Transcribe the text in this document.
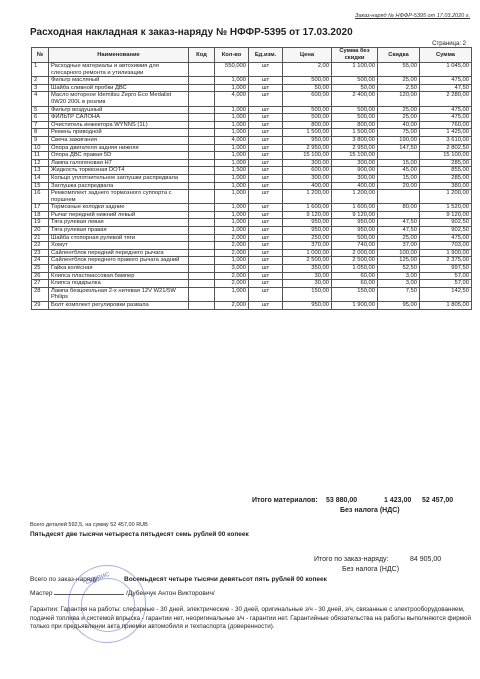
Заказ-наряд № НФФР-5395 от 17.03.2020 г.
Расходная накладная к заказ-наряду № НФФР-5395 от 17.03.2020
Страница: 2
№	Наименование	Код	Кол-во	Ед.изм.	Цена	Сумма без скидки	Скидка	Сумма
1	Расходные материалы и автохимия для слесарного ремонта и утилизации		550,000	шт	2,00	1 100,00	55,00	1 045,00
2	Фильтр масляный		1,000	шт	500,00	500,00	25,00	475,00
3	Шайба сливной пробки ДВС		1,000	шт	50,00	50,00	2,50	47,50
4	Масло моторное Idemitsu Zepro Eco Medalist 0W20 200L в розлив		4,000	шт	600,00	2 400,00	120,00	2 280,00
5	Фильтр воздушный		1,000	шт	500,00	500,00	25,00	475,00
6	ФИЛЬТР САЛОНА		1,000	шт	500,00	500,00	25,00	475,00
7	Очиститель инжектора WYNNS (1L)		1,000	шт	800,00	800,00	40,00	760,00
8	Ремень приводной		1,000	шт	1 500,00	1 500,00	75,00	1 425,00
9	Свеча зажигания		4,000	шт	950,00	3 800,00	190,00	3 610,00
10	Опора двигателя задняя нижняя		1,000	шт	2 950,00	2 950,00	147,50	2 802,50
11	Опора ДВС правая 5D		1,000	шт	15 100,00	15 100,00		15 100,00
12	Лампа галогеновая H7		1,000	шт	300,00	300,00	15,00	285,00
13	Жидкость тормозная DOT4		1,500	шт	600,00	900,00	45,00	855,00
14	Кольцо уплотнительное заглушки распредвала		1,000	шт	300,00	300,00	15,00	285,00
15	Заглушка распредвала		1,000	шт	400,00	400,00	20,00	380,00
16	Ремкомплект заднего тормозного суппорта с поршнем		1,000	шт	1 200,00	1 200,00		1 200,00
17	Тормозные колодки задние		1,000	шт	1 600,00	1 600,00	80,00	1 520,00
18	Рычаг передний нижний левый		1,000	шт	9 120,00	9 120,00		9 120,00
19	Тяга рулевая левая		1,000	шт	950,00	950,00	47,50	902,50
20	Тяга рулевая правая		1,000	шт	950,00	950,00	47,50	902,50
21	Шайба стопорная рулевой тяги		2,000	шт	250,00	500,00	25,00	475,00
22	Хомут		2,000	шт	370,00	740,00	37,00	703,00
23	Сайлентблок передний переднего рычага		2,000	шт	1 000,00	2 000,00	100,00	1 900,00
24	Сайлентблок переднего правого рычага задний		1,000	шт	2 500,00	2 500,00	125,00	2 375,00
25	Гайка колёсная		3,000	шт	350,00	1 050,00	52,50	997,50
26	Клипса пластмассовая бампер		2,000	шт	30,00	60,00	3,00	57,00
27	Клипса подкрылка		2,000	шт	30,00	60,00	3,00	57,00
28	Лампа безцокольная 2-х нитевая 12V W21/5W Philips		1,000	шт	150,00	150,00	7,50	142,50
29	Болт комплект регулировки развала		2,000	шт	950,00	1 900,00	95,00	1 805,00
Итого материалов: 53 880,00	1 423,00 52 457,00
Без налога (НДС)
Всего деталей 592,5, на сумму 52 457,00 RUB
Пятьдесят две тысячи четыреста пятьдесят семь рублей 00 копеек
Итого по заказ-наряду:	84 905,00
Без налога (НДС)
Всего по заказ-наряду:	Восемьдесят четыре тысячи девятьсот пять рублей 00 копеек
СЕРВИС
Мастер	/Дубенчук Антон Викторович/
Гарантии: Гарантия на работы: слесарные - 30 дней, электрические - 30 дней, оригинальные з/ч - 30 дней, з/ч, связанные с электрооборудованием, подачей топлива и системой впрыска - гарантии нет, неоригинальные з/ч - гарантии нет. Гарантийные обязательства на работы выполняются фирмой только при предъявлении акта приемки автомобиля и техпаспорта (доверенности).
